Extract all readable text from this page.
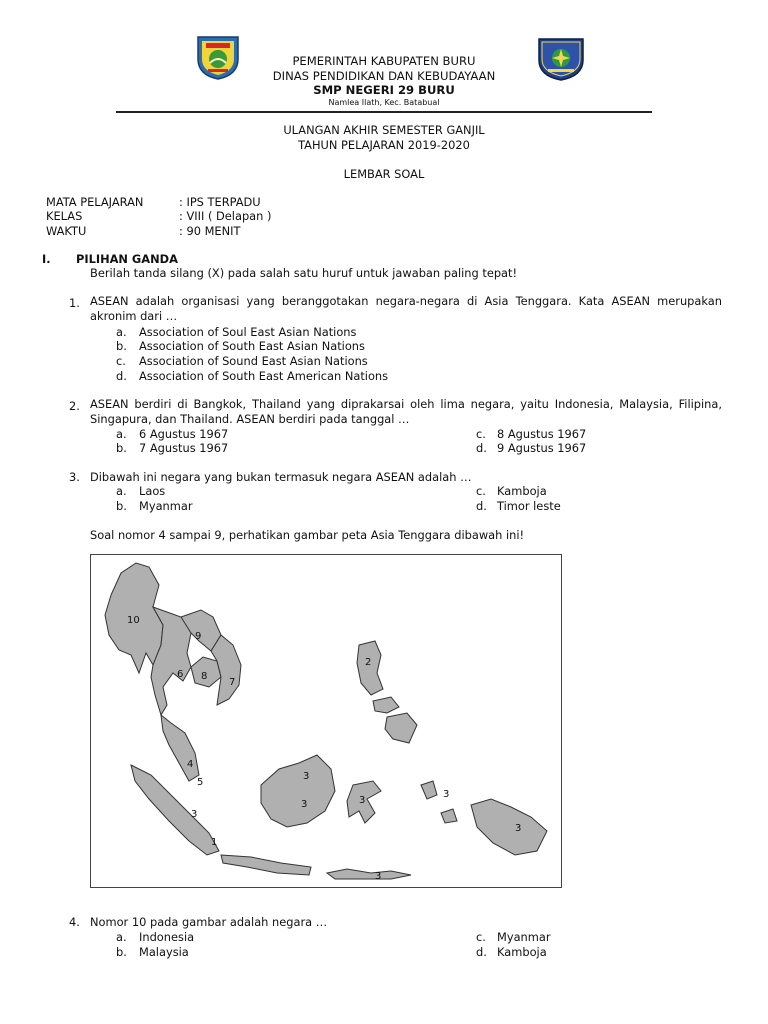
PEMERINTAH KABUPATEN BURU
DINAS PENDIDIKAN DAN KEBUDAYAAN
SMP NEGERI 29 BURU
Namlea Ilath, Kec. Batabual
ULANGAN AKHIR SEMESTER GANJIL
TAHUN PELAJARAN 2019-2020
LEMBAR SOAL
MATA PELAJARAN	: IPS TERPADU
KELAS	: VIII ( Delapan )
WAKTU	: 90 MENIT
I. PILIHAN GANDA
Berilah tanda silang (X) pada salah satu huruf untuk jawaban paling tepat!
1. ASEAN adalah organisasi yang beranggotakan negara-negara di Asia Tenggara. Kata ASEAN merupakan akronim dari …
a. Association of Soul East Asian Nations
b. Association of South East Asian Nations
c. Association of Sound East Asian Nations
d. Association of South East American Nations
2. ASEAN berdiri di Bangkok, Thailand yang diprakarsai oleh lima negara, yaitu Indonesia, Malaysia, Filipina, Singapura, dan Thailand. ASEAN berdiri pada tanggal …
a. 6 Agustus 1967
b. 7 Agustus 1967
c. 8 Agustus 1967
d. 9 Agustus 1967
3. Dibawah ini negara yang bukan termasuk negara ASEAN adalah …
a. Laos
b. Myanmar
c. Kamboja
d. Timor leste
Soal nomor 4 sampai 9, perhatikan gambar peta Asia Tenggara dibawah ini!
10
9
6 8
7
2
4
5
1
3
3
3
3
3
3
3
4. Nomor 10 pada gambar adalah negara …
a. Indonesia
b. Malaysia
c. Myanmar
d. Kamboja
